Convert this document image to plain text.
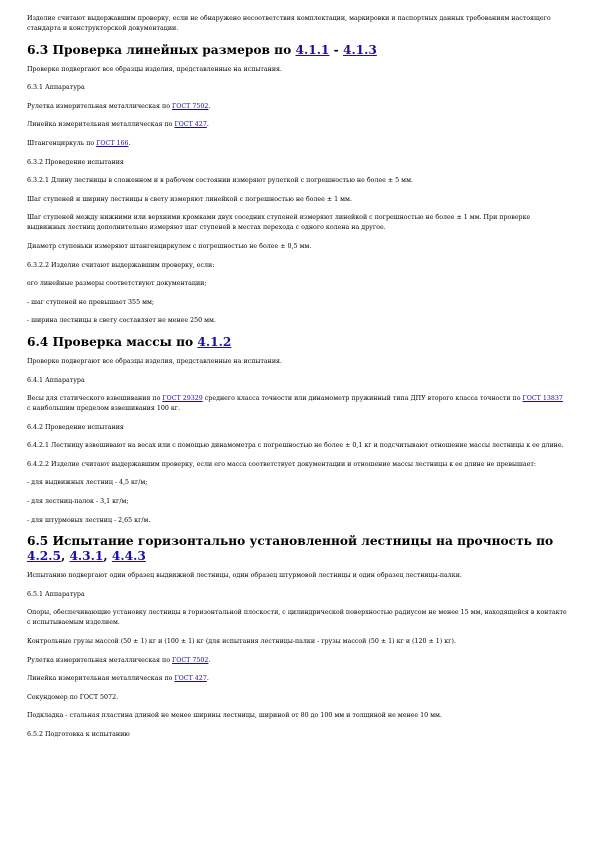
Изделие считают выдержавшим проверку, если не обнаружено несоответствия комплектации, маркировки и паспортных данных требованиям настоящего стандарта и конструкторской документации.

6.3 Проверка линейных размеров по 4.1.1 - 4.1.3

Проверке подвергают все образцы изделия, представленные на испытания.

6.3.1 Аппаратура

Рулетка измерительная металлическая по ГОСТ 7502.

Линейка измерительная металлическая по ГОСТ 427.

Штангенциркуль по ГОСТ 166.

6.3.2 Проведение испытания

6.3.2.1 Длину лестницы в сложенном и в рабочем состоянии измеряют рулеткой с погрешностью не более ± 5 мм.

Шаг ступеней и ширину лестницы в свету измеряют линейкой с погрешностью не более ± 1 мм.

Шаг ступеней между нижними или верхними кромками двух соседних ступеней измеряют линейкой с погрешностью не более ± 1 мм. При проверке выдвижных лестниц дополнительно измеряют шаг ступеней в местах перехода с одного колена на другое.

Диаметр ступеньки измеряют штангенциркулем с погрешностью не более ± 0,5 мм.

6.3.2.2 Изделие считают выдержавшим проверку, если:

его линейные размеры соответствуют документации;

- шаг ступеней не превышает 355 мм;

- ширина лестницы в свету составляет не менее 250 мм.

6.4 Проверка массы по 4.1.2

Проверке подвергают все образцы изделия, представленные на испытания.

6.4.1 Аппаратура

Весы для статического взвешивания по ГОСТ 29329 среднего класса точности или динамометр пружинный типа ДПУ второго класса точности по ГОСТ 13837 с наибольшим пределом взвешивания 100 кг.

6.4.2 Проведение испытания

6.4.2.1 Лестницу взвешивают на весах или с помощью динамометра с погрешностью не более ± 0,1 кг и подсчитывают отношение массы лестницы к ее длине.

6.4.2.2 Изделие считают выдержавшим проверку, если его масса соответствует документации и отношение массы лестницы к ее длине не превышает:

- для выдвижных лестниц - 4,5 кг/м;

- для лестниц-палок - 3,1 кг/м;

- для штурмовых лестниц - 2,65 кг/м.

6.5 Испытание горизонтально установленной лестницы на прочность по 4.2.5, 4.3.1, 4.4.3

Испытанию подвергают один образец выдвижной лестницы, один образец штурмовой лестницы и один образец лестницы-палки.

6.5.1 Аппаратура

Опоры, обеспечивающие установку лестницы в горизонтальной плоскости, с цилиндрической поверхностью радиусом не менее 15 мм, находящейся в контакте с испытываемым изделием.

Контрольные грузы массой (50 ± 1) кг и (100 ± 1) кг (для испытания лестницы-палки - грузы массой (50 ± 1) кг и (120 ± 1) кг).

Рулетка измерительная металлическая по ГОСТ 7502.

Линейка измерительная металлическая по ГОСТ 427.

Секундомер по ГОСТ 5072.

Подкладка - стальная пластина длиной не менее ширины лестницы, шириной от 80 до 100 мм и толщиной не менее 10 мм.

6.5.2 Подготовка к испытанию
